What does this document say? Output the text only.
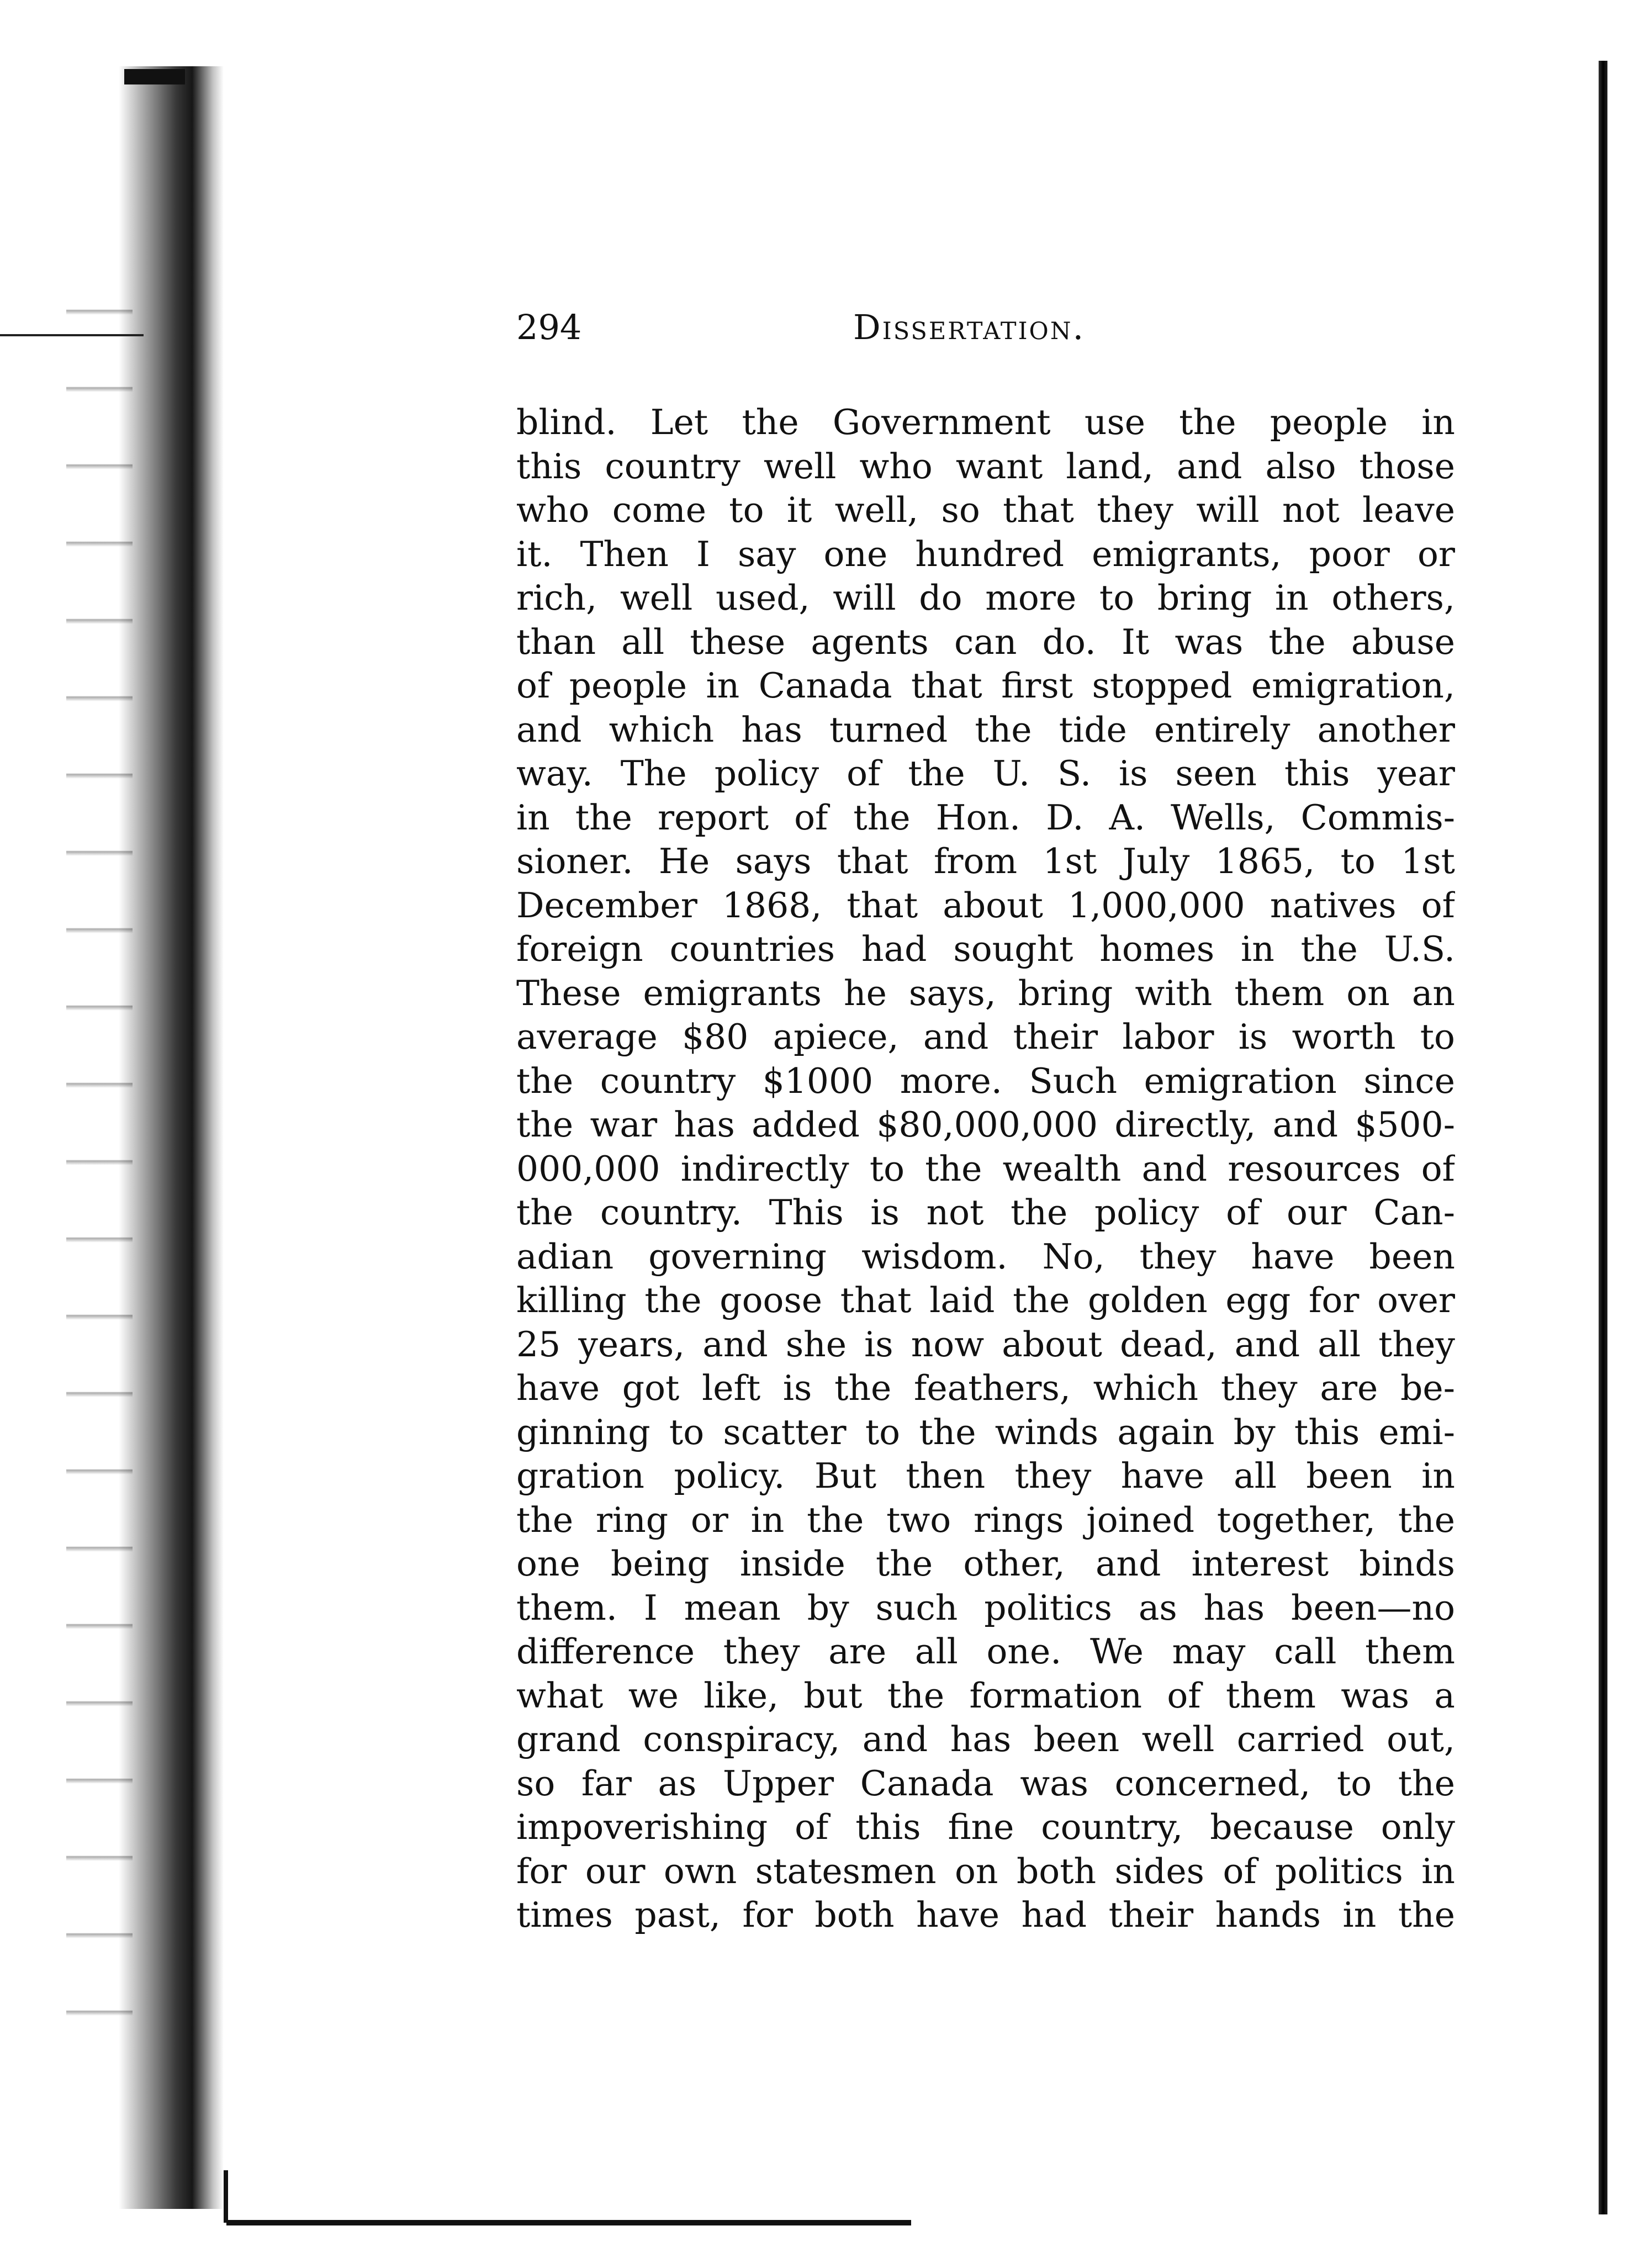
294	Dissertation.
blind. Let the Government use the people in
this country well who want land, and also those
who come to it well, so that they will not leave
it. Then I say one hundred emigrants, poor or
rich, well used, will do more to bring in others,
than all these agents can do. It was the abuse
of people in Canada that first stopped emigration,
and which has turned the tide entirely another
way. The policy of the U. S. is seen this year
in the report of the Hon. D. A. Wells, Commis-
sioner. He says that from 1st July 1865, to 1st
December 1868, that about 1,000,000 natives of
foreign countries had sought homes in the U.S.
These emigrants he says, bring with them on an
average $80 apiece, and their labor is worth to
the country $1000 more. Such emigration since
the war has added $80,000,000 directly, and $500-
000,000 indirectly to the wealth and resources of
the country. This is not the policy of our Can-
adian governing wisdom. No, they have been
killing the goose that laid the golden egg for over
25 years, and she is now about dead, and all they
have got left is the feathers, which they are be-
ginning to scatter to the winds again by this emi-
gration policy. But then they have all been in
the ring or in the two rings joined together, the
one being inside the other, and interest binds
them. I mean by such politics as has been—no
difference they are all one. We may call them
what we like, but the formation of them was a
grand conspiracy, and has been well carried out,
so far as Upper Canada was concerned, to the
impoverishing of this fine country, because only
for our own statesmen on both sides of politics in
times past, for both have had their hands in the
